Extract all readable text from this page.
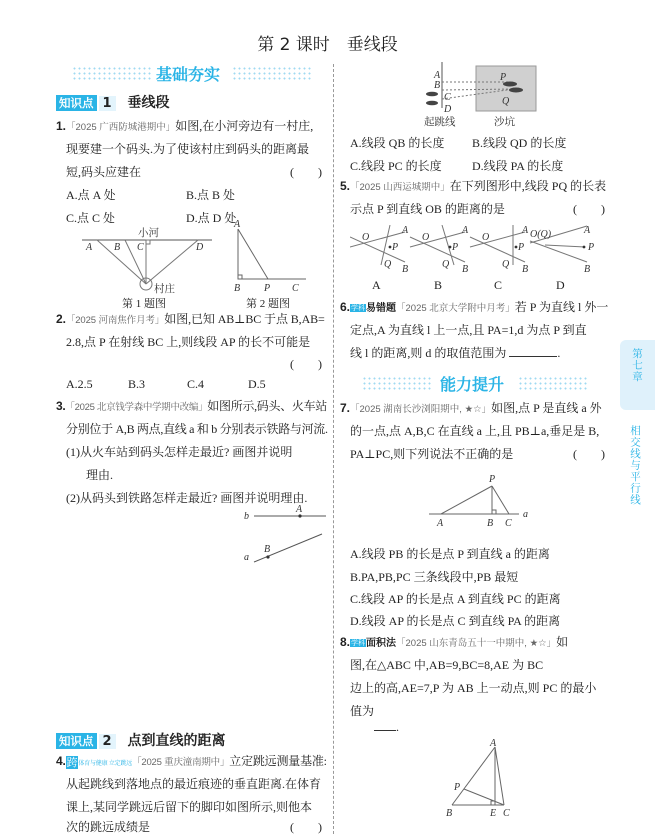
第 2 课时　垂线段
基础夯实
知识点 1 垂线段
1.「2025 广西防城港期中」如图,在小河旁边有一村庄,
现要建一个码头.为了使该村庄到码头的距离最
短,码头应建在	(　　)
A.点 A 处	B.点 B 处
C.点 C 处	D.点 D 处
小河
A B C	D
村庄
第 1 题图
A
B P C
第 2 题图
2.「2025 河南焦作月考」如图,已知 AB⊥BC 于点 B,AB=
2.8,点 P 在射线 BC 上,则线段 AP 的长不可能是
(　　)
A.2.5	B.3	C.4	D.5
3.「2025 北京钱学森中学期中改编」如图所示,码头、火车站
分别位于 A,B 两点,直线 a 和 b 分别表示铁路与河流.
(1)从火车站到码头怎样走最近? 画图并说明
理由.
(2)从码头到铁路怎样走最近? 画图并说明理由.
b
A
a
B
知识点 2 点到直线的距离
4.跨体育与健康 立定跳远「2025 重庆潼南期中」立定跳远测量基准:
从起跳线到落地点的最近痕迹的垂直距离.在体育
课上,某同学跳远后留下的脚印如图所示,则他本
次的跳远成绩是	(　　)
A
B
C
D
P
Q
起跳线	沙坑
A.线段 QB 的长度 B.线段 QD 的长度
C.线段 PC 的长度	D.线段 PA 的长度
5.「2025 山西运城期中」在下列图形中,线段 PQ 的长表
示点 P 到直线 OB 的距离的是	(　　)
O
A
P
Q B
O
A
P
Q B
O
A
P
Q B
O(Q)	A
P
B
A	B	C	D
6.学科易错题「2025 北京大学附中月考」若 P 为直线 l 外一
定点,A 为直线 l 上一点,且 PA=1,d 为点 P 到直
线 l 的距离,则 d 的取值范围为	.
能力提升
7.「2025 湖南长沙浏阳期中, ★☆」如图,点 P 是直线 a 外
的一点,点 A,B,C 在直线 a 上,且 PB⊥a,垂足是 B,
PA⊥PC,则下列说法不正确的是	(　　)
P
A	B C
a
A.线段 PB 的长是点 P 到直线 a 的距离
B.PA,PB,PC 三条线段中,PB 最短
C.线段 AP 的长是点 A 到直线 PC 的距离
D.线段 AP 的长是点 C 到直线 PA 的距离
8.学科面积法「2025 山东青岛五十一中期中, ★☆」如
图,在△ABC 中,AB=9,BC=8,AE 为 BC
边上的高,AE=7,P 为 AB 上一动点,则 PC 的最小
值为
.
A
P
B	E C
第七章
相交线与平行线
